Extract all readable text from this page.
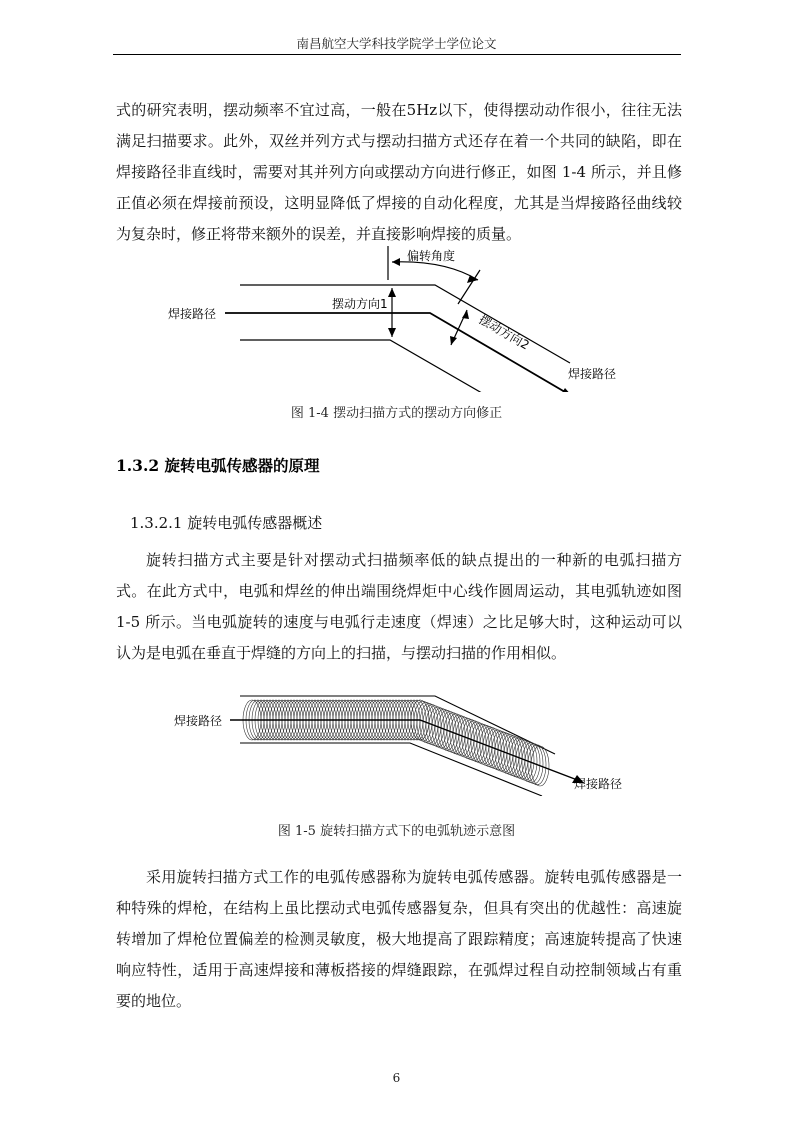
南昌航空大学科技学院学士学位论文

式的研究表明，摆动频率不宜过高，一般在5Hz以下，使得摆动动作很小，往往无法满足扫描要求。此外，双丝并列方式与摆动扫描方式还存在着一个共同的缺陷，即在焊接路径非直线时，需要对其并列方向或摆动方向进行修正，如图 1-4 所示，并且修正值必须在焊接前预设，这明显降低了焊接的自动化程度，尤其是当焊接路径曲线较为复杂时，修正将带来额外的误差，并直接影响焊接的质量。

偏转角度
焊接路径
摆动方向1
摆动方向2
焊接路径
图 1-4 摆动扫描方式的摆动方向修正
1.3.2 旋转电弧传感器的原理
1.3.2.1 旋转电弧传感器概述

旋转扫描方式主要是针对摆动式扫描频率低的缺点提出的一种新的电弧扫描方式。在此方式中，电弧和焊丝的伸出端围绕焊炬中心线作圆周运动，其电弧轨迹如图 1-5 所示。当电弧旋转的速度与电弧行走速度（焊速）之比足够大时，这种运动可以认为是电弧在垂直于焊缝的方向上的扫描，与摆动扫描的作用相似。

焊接路径
焊接路径
图 1-5 旋转扫描方式下的电弧轨迹示意图

采用旋转扫描方式工作的电弧传感器称为旋转电弧传感器。旋转电弧传感器是一种特殊的焊枪，在结构上虽比摆动式电弧传感器复杂，但具有突出的优越性：高速旋转增加了焊枪位置偏差的检测灵敏度，极大地提高了跟踪精度；高速旋转提高了快速响应特性，适用于高速焊接和薄板搭接的焊缝跟踪，在弧焊过程自动控制领域占有重要的地位。

6
